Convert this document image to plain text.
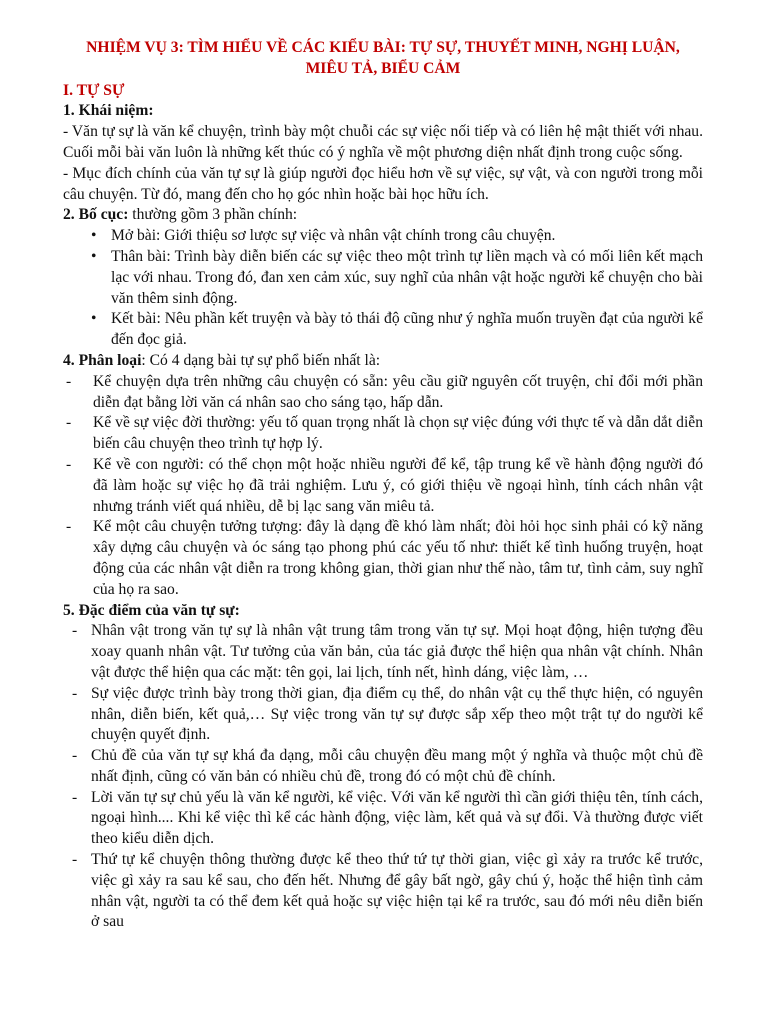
NHIỆM VỤ 3: TÌM HIỂU VỀ CÁC KIỂU BÀI: TỰ SỰ, THUYẾT MINH, NGHỊ LUẬN, MIÊU TẢ, BIỂU CẢM
I. TỰ SỰ
1. Khái niệm:
- Văn tự sự là văn kể chuyện, trình bày một chuỗi các sự việc nối tiếp và có liên hệ mật thiết với nhau. Cuối mỗi bài văn luôn là những kết thúc có ý nghĩa về một phương diện nhất định trong cuộc sống.
- Mục đích chính của văn tự sự là giúp người đọc hiểu hơn về sự việc, sự vật, và con người trong mỗi câu chuyện. Từ đó, mang đến cho họ góc nhìn hoặc bài học hữu ích.
2. Bố cục: thường gồm 3 phần chính:
• Mở bài: Giới thiệu sơ lược sự việc và nhân vật chính trong câu chuyện.
• Thân bài: Trình bày diễn biến các sự việc theo một trình tự liền mạch và có mối liên kết mạch lạc với nhau. Trong đó, đan xen cảm xúc, suy nghĩ của nhân vật hoặc người kể chuyện cho bài văn thêm sinh động.
• Kết bài: Nêu phần kết truyện và bày tỏ thái độ cũng như ý nghĩa muốn truyền đạt của người kể đến đọc giả.
4. Phân loại: Có 4 dạng bài tự sự phổ biến nhất là:
- Kể chuyện dựa trên những câu chuyện có sẵn: yêu cầu giữ nguyên cốt truyện, chỉ đổi mới phần diễn đạt bằng lời văn cá nhân sao cho sáng tạo, hấp dẫn.
- Kể về sự việc đời thường: yếu tố quan trọng nhất là chọn sự việc đúng với thực tế và dẫn dắt diễn biến câu chuyện theo trình tự hợp lý.
- Kể về con người: có thể chọn một hoặc nhiều người để kể, tập trung kể về hành động người đó đã làm hoặc sự việc họ đã trải nghiệm. Lưu ý, có giới thiệu về ngoại hình, tính cách nhân vật nhưng tránh viết quá nhiều, dễ bị lạc sang văn miêu tả.
- Kể một câu chuyện tưởng tượng: đây là dạng đề khó làm nhất; đòi hỏi học sinh phải có kỹ năng xây dựng câu chuyện và óc sáng tạo phong phú các yếu tố như: thiết kế tình huống truyện, hoạt động của các nhân vật diễn ra trong không gian, thời gian như thế nào, tâm tư, tình cảm, suy nghĩ của họ ra sao.
5. Đặc điểm của văn tự sự:
- Nhân vật trong văn tự sự là nhân vật trung tâm trong văn tự sự. Mọi hoạt động, hiện tượng đều xoay quanh nhân vật. Tư tưởng của văn bản, của tác giả được thể hiện qua nhân vật chính. Nhân vật được thể hiện qua các mặt: tên gọi, lai lịch, tính nết, hình dáng, việc làm, …
- Sự việc được trình bày trong thời gian, địa điểm cụ thể, do nhân vật cụ thể thực hiện, có nguyên nhân, diễn biến, kết quả,… Sự việc trong văn tự sự được sắp xếp theo một trật tự do người kể chuyện quyết định.
- Chủ đề của văn tự sự khá đa dạng, mỗi câu chuyện đều mang một ý nghĩa và thuộc một chủ đề nhất định, cũng có văn bản có nhiều chủ đề, trong đó có một chủ đề chính.
- Lời văn tự sự chủ yếu là văn kể người, kể việc. Với văn kể người thì cần giới thiệu tên, tính cách, ngoại hình.... Khi kể việc thì kể các hành động, việc làm, kết quả và sự đổi. Và thường được viết theo kiểu diễn dịch.
- Thứ tự kể chuyện thông thường được kể theo thứ tứ tự thời gian, việc gì xảy ra trước kể trước, việc gì xảy ra sau kể sau, cho đến hết. Nhưng để gây bất ngờ, gây chú ý, hoặc thể hiện tình cảm nhân vật, người ta có thể đem kết quả hoặc sự việc hiện tại kể ra trước, sau đó mới nêu diễn biến ở sau
